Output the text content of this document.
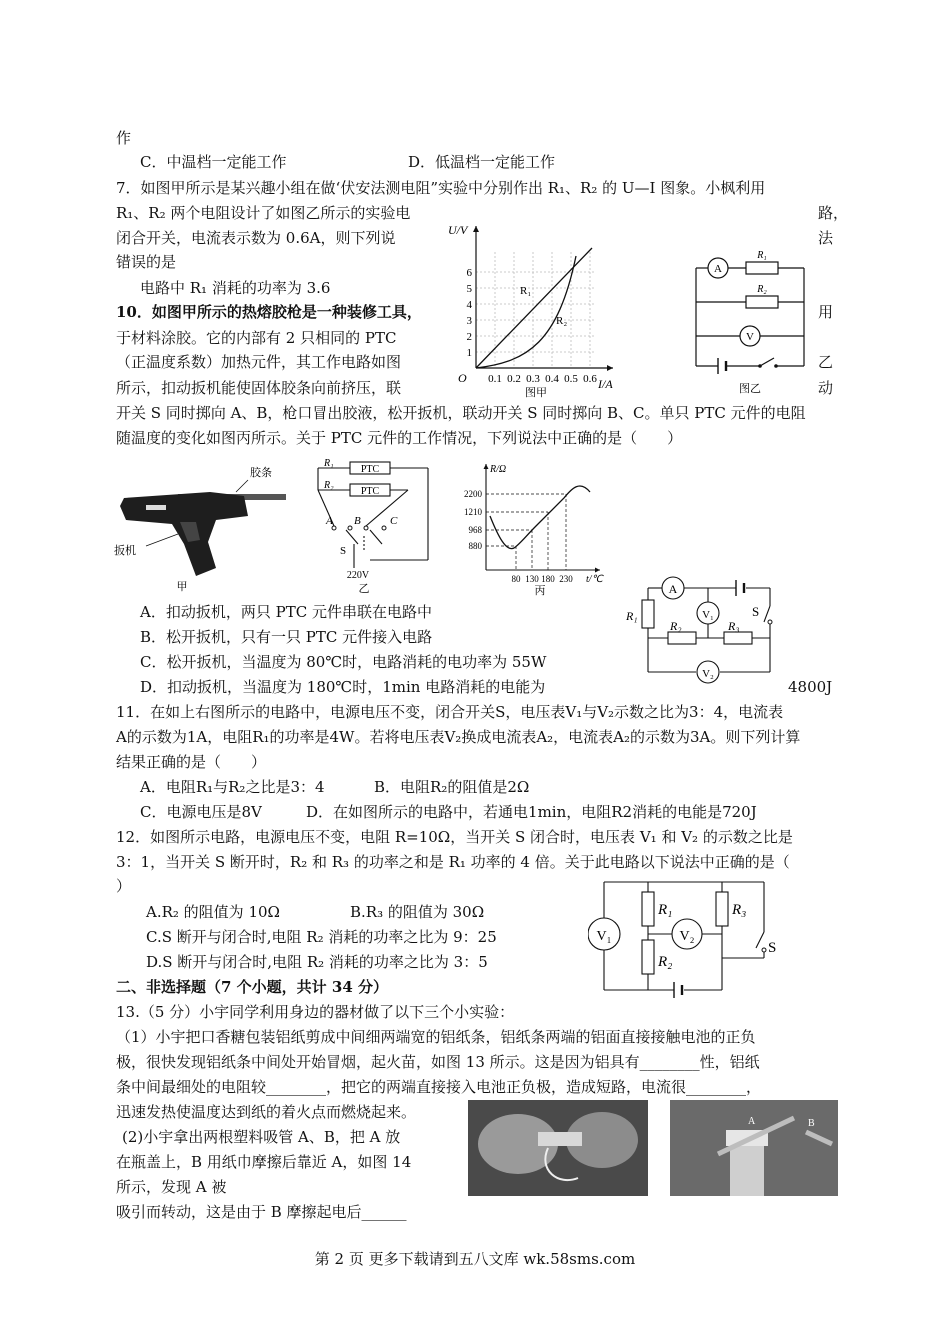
作
C．中温档一定能工作	D．低温档一定能工作
7．如图甲所示是某兴趣小组在做‘伏安法测电阻”实验中分别作出 R₁、R₂ 的 U—I 图象。小枫利用
R₁、R₂ 两个电阻设计了如图乙所示的实验电	路，
闭合开关，电流表示数为 0.6A，则下列说	法
错误的是
电路中 R₁ 消耗的功率为 3.6
10．如图甲所示的热熔胶枪是一种装修工具，	用
于材料涂胶。它的内部有 2 只相同的 PTC
（正温度系数）加热元件，其工作电路如图	乙
所示，扣动扳机能使固体胶条向前挤压，联	动
开关 S 同时掷向 A、B，枪口冒出胶液，松开扳机，联动开关 S 同时掷向 B、C。单只 PTC 元件的电阻
随温度的变化如图丙所示。关于 PTC 元件的工作情况，下列说法中正确的是（　　）
A．扣动扳机，两只 PTC 元件串联在电路中
B．松开扳机，只有一只 PTC 元件接入电路
C．松开扳机，当温度为 80℃时，电路消耗的电功率为 55W
D．扣动扳机，当温度为 180℃时，1min 电路消耗的电能为	4800J
11．在如上右图所示的电路中，电源电压不变，闭合开关S，电压表V₁与V₂示数之比为3：4，电流表
A的示数为1A，电阻R₁的功率是4W。若将电压表V₂换成电流表A₂，电流表A₂的示数为3A。则下列计算
结果正确的是（　　）
A．电阻R₁与R₂之比是3：4	B．电阻R₂的阻值是2Ω
C．电源电压是8V	D．在如图所示的电路中，若通电1min，电阻R2消耗的电能是720J
12．如图所示电路，电源电压不变，电阻 R=10Ω，当开关 S 闭合时，电压表 V₁ 和 V₂ 的示数之比是
3：1，当开关 S 断开时，R₂ 和 R₃ 的功率之和是 R₁ 功率的 4 倍。关于此电路以下说法中正确的是（
）
A.R₂ 的阻值为 10Ω	B.R₃ 的阻值为 30Ω
C.S 断开与闭合时,电阻 R₂ 消耗的功率之比为 9：25
D.S 断开与闭合时,电阻 R₂ 消耗的功率之比为 3：5
二、非选择题（7 个小题，共计 34 分）
13.（5 分）小宇同学利用身边的器材做了以下三个小实验：
（1）小宇把口香糖包装铝纸剪成中间细两端宽的铝纸条，铝纸条两端的铝面直接接触电池的正负
极，很快发现铝纸条中间处开始冒烟，起火苗，如图 13 所示。这是因为铝具有________性，铝纸
条中间最细处的电阻较________，把它的两端直接接入电池正负极，造成短路，电流很________，
迅速发热使温度达到纸的着火点而燃烧起来。
(2)小宇拿出两根塑料吸管 A、B，把 A 放
在瓶盖上，B 用纸巾摩擦后靠近 A，如图 14
所示，发现 A 被
吸引而转动，这是由于 B 摩擦起电后______
U/V
I/A
O
1
2
3
4
5
6
0.1 0.2 0.3 0.4 0.5 0.6
R₁
R₂
图甲
A
V
R₁
R₂
图乙
胶条
扳机
甲
PTC
PTC
R₁
R₂
A B	C
S
220V
乙
R/Ω
t/℃
2200
1210
968
880
80 130 180 230
丙	A
V₁
V₂
R₁
R₂	R₃
S
V₁	V₂
R₁
R₂
R₃
S
A	B
第 2 页 更多下载请到五八文库 wk.58sms.com
